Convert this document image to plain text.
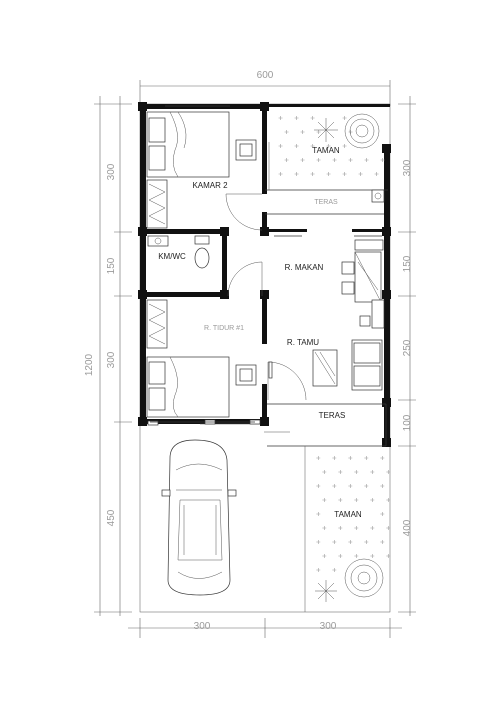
600
300	300
1200
300
150
300
450
300
150
250
100
400
KAMAR 2
TAMAN
TERAS
KM/WC
R. MAKAN
R. TIDUR #1
R. TAMU
TERAS
TAMAN
